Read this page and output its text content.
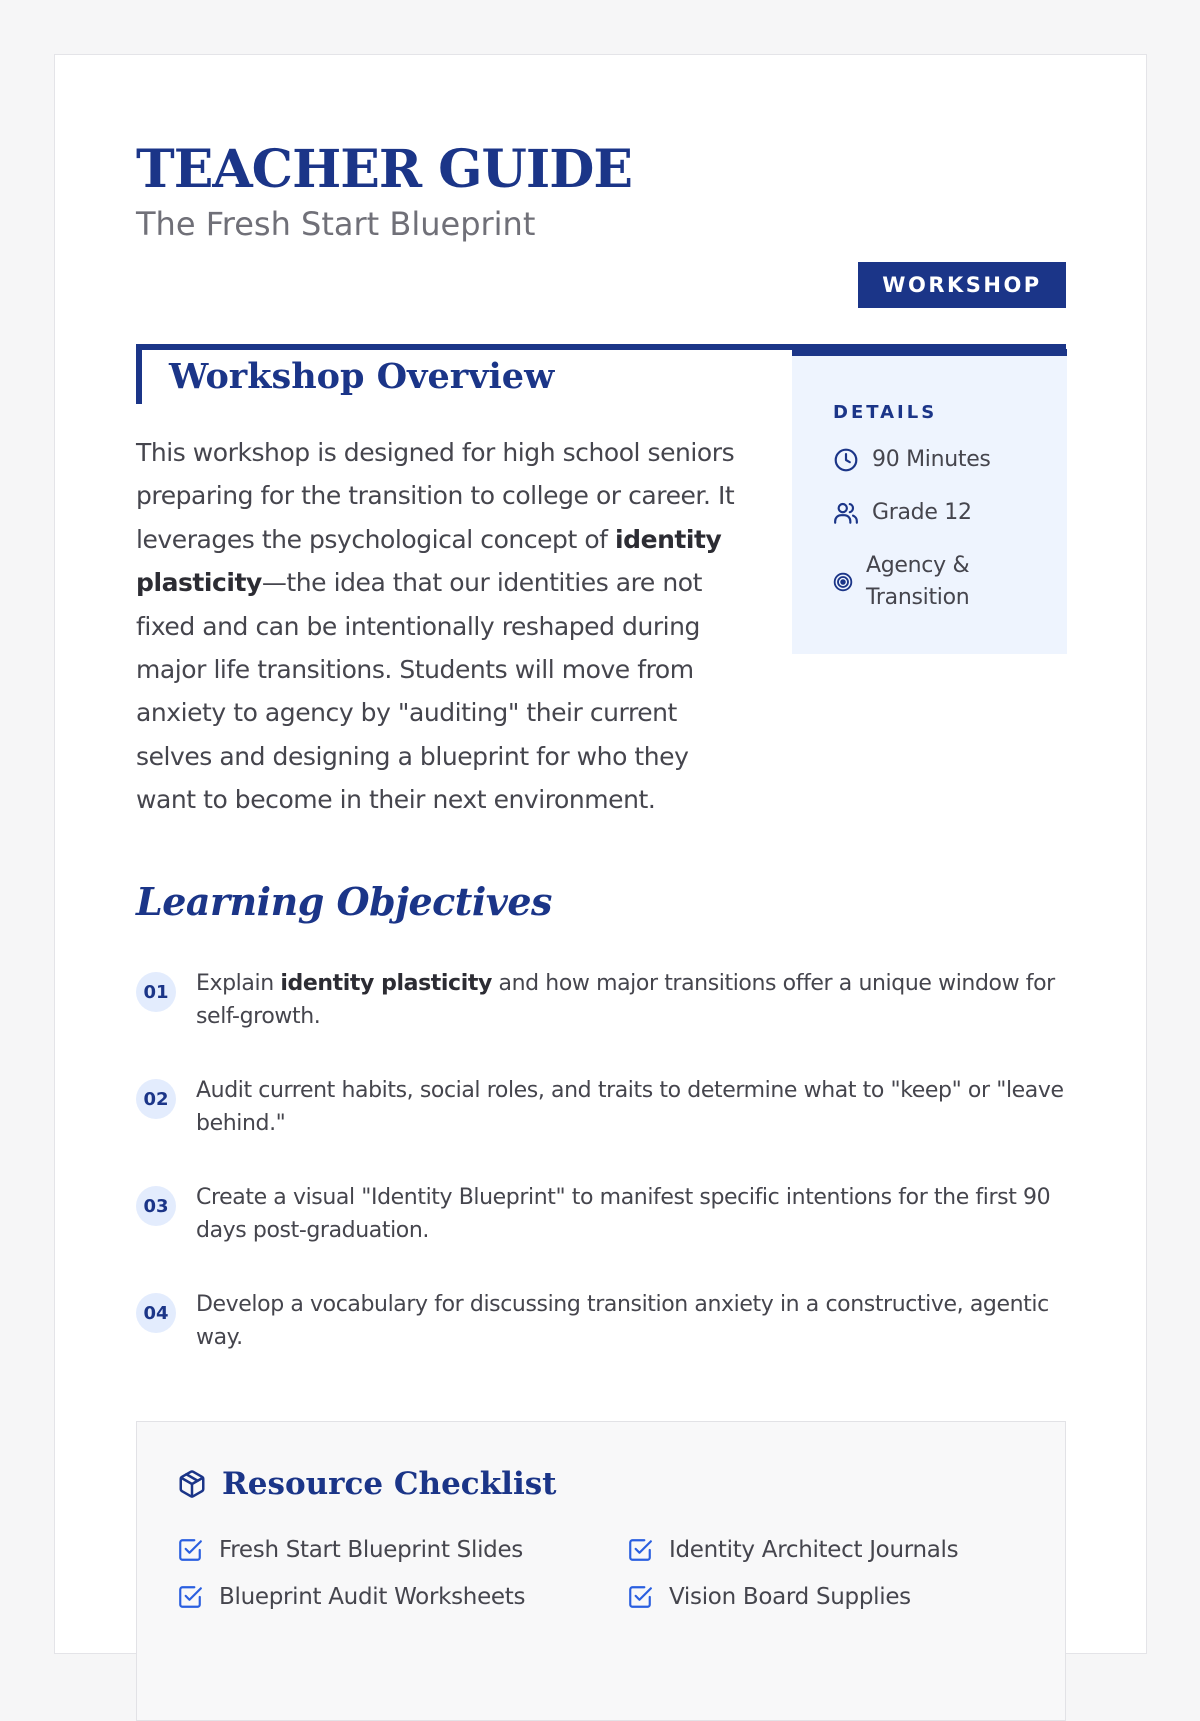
TEACHER GUIDE
The Fresh Start Blueprint
WORKSHOP
Workshop Overview

This workshop is designed for high school seniors preparing for the transition to college or career. It leverages the psychological concept of identity plasticity—the idea that our identities are not fixed and can be intentionally reshaped during major life transitions. Students will move from anxiety to agency by "auditing" their current selves and designing a blueprint for who they want to become in their next environment.

DETAILS
90 Minutes
Grade 12
Agency & Transition
Learning Objectives
01	Explain identity plasticity and how major transitions offer a unique window for self-growth.
02	Audit current habits, social roles, and traits to determine what to "keep" or "leave behind."
03	Create a visual "Identity Blueprint" to manifest specific intentions for the first 90 days post-graduation.
04	Develop a vocabulary for discussing transition anxiety in a constructive, agentic way.
Resource Checklist
Fresh Start Blueprint Slides	Identity Architect Journals
Blueprint Audit Worksheets	Vision Board Supplies
